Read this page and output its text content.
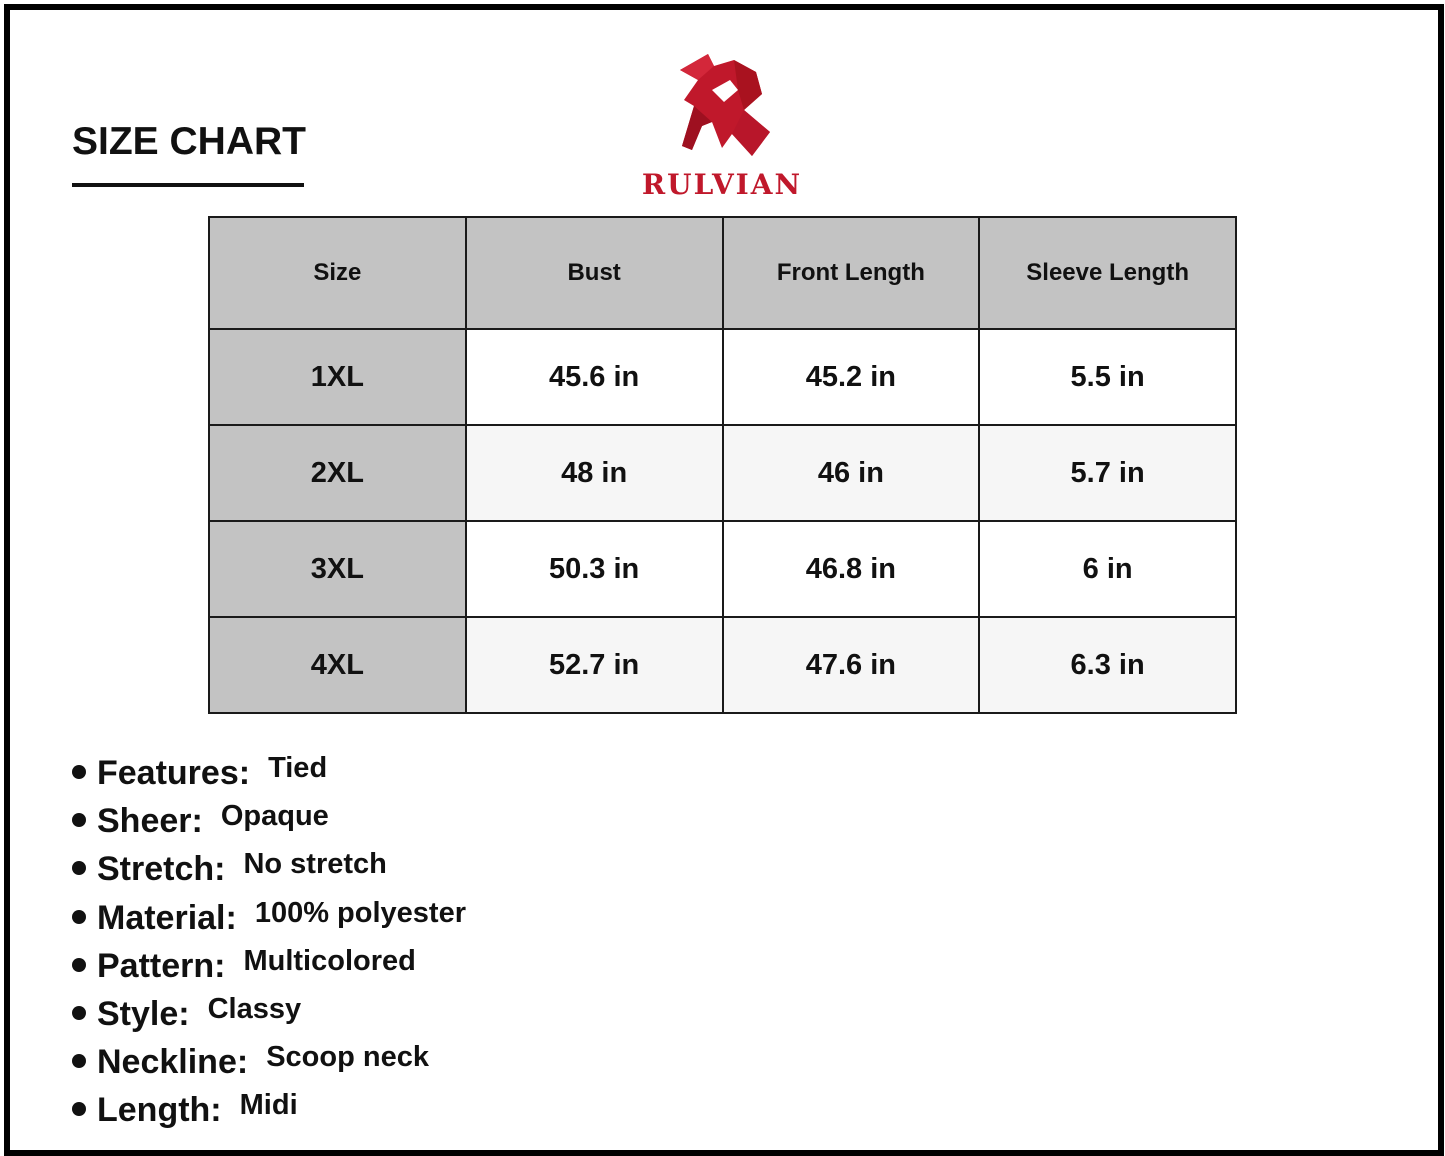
SIZE CHART
RULVIAN
Size	Bust	Front Length	Sleeve Length
1XL	45.6 in	45.2 in	5.5 in
2XL	48 in	46 in	5.7 in
3XL	50.3 in	46.8 in	6 in
4XL	52.7 in	47.6 in	6.3 in
Features: Tied
Sheer: Opaque
Stretch: No stretch
Material: 100% polyester
Pattern: Multicolored
Style: Classy
Neckline: Scoop neck
Length: Midi
